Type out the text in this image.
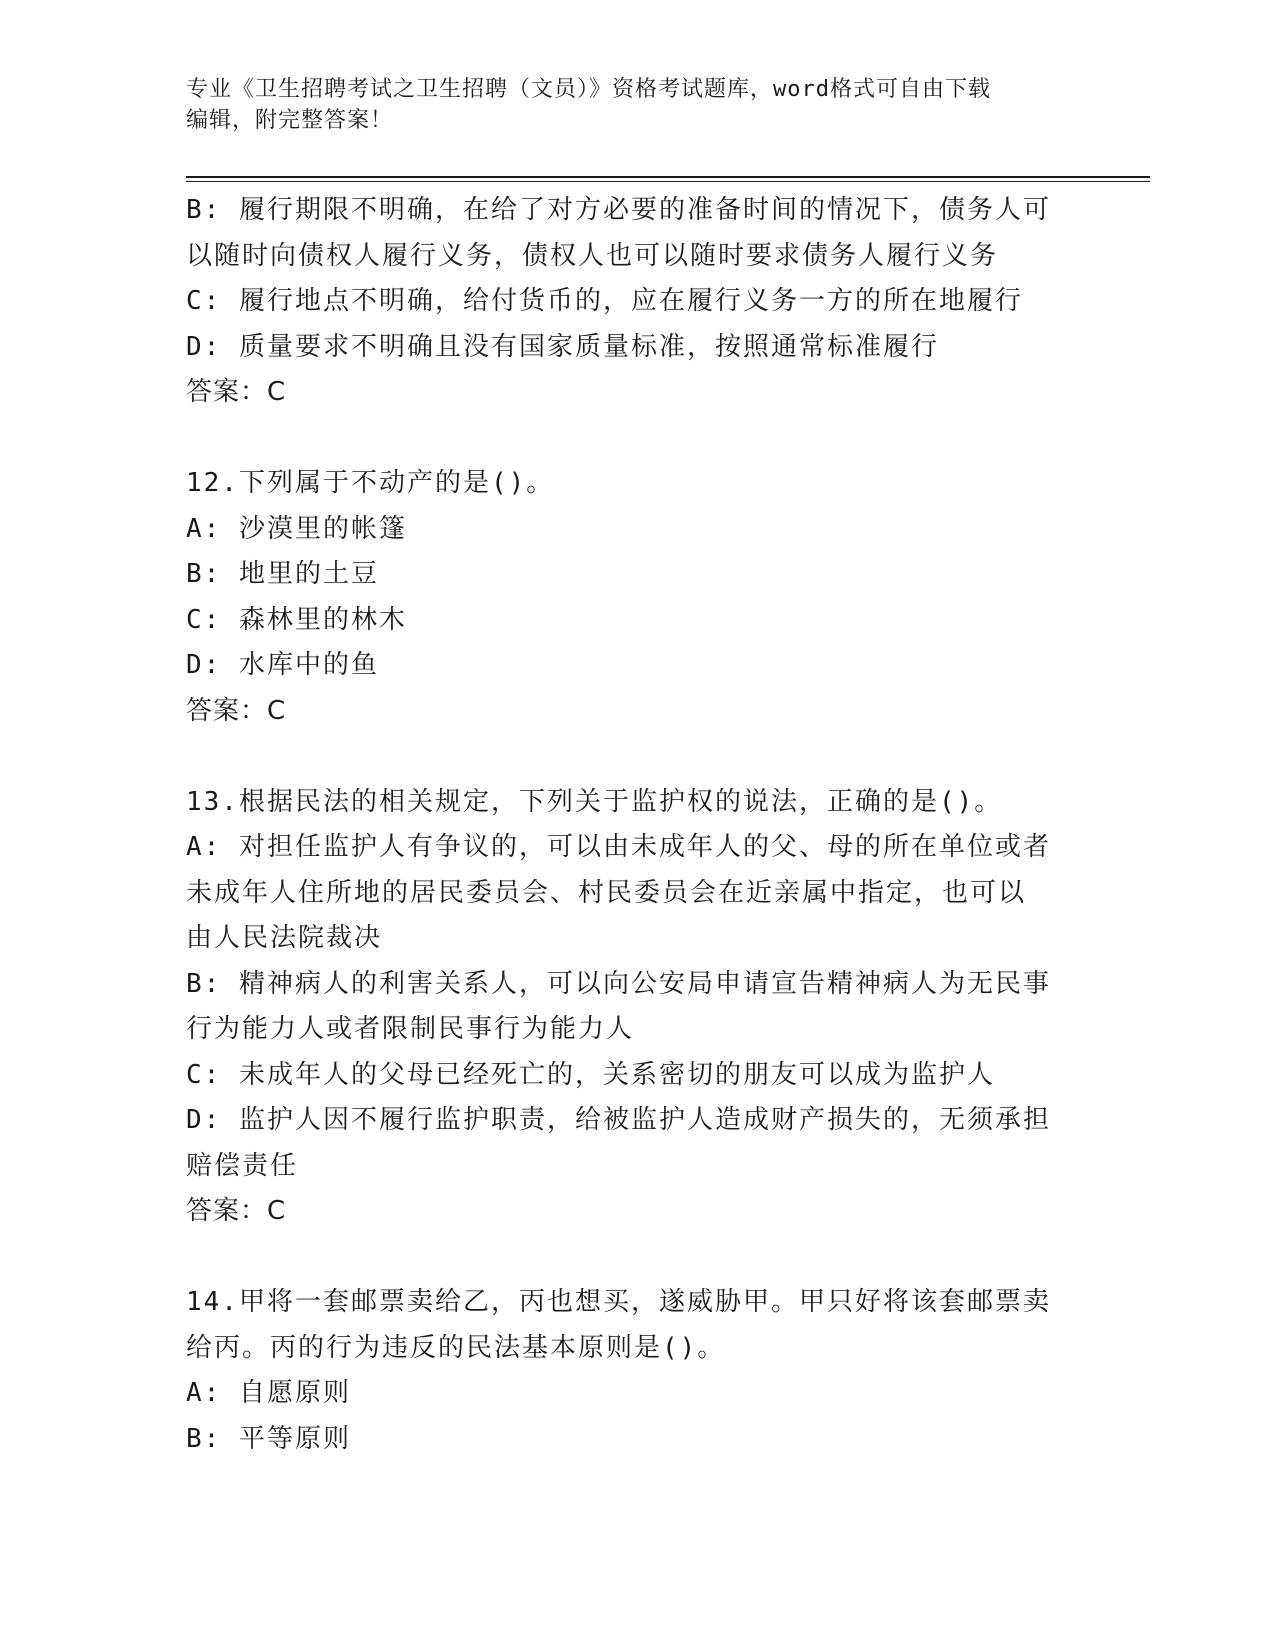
专业《卫生招聘考试之卫生招聘（文员）》资格考试题库，word格式可自由下载
编辑，附完整答案！
B: 履行期限不明确，在给了对方必要的准备时间的情况下，债务人可
以随时向债权人履行义务，债权人也可以随时要求债务人履行义务
C: 履行地点不明确，给付货币的，应在履行义务一方的所在地履行
D: 质量要求不明确且没有国家质量标准，按照通常标准履行
答案：C
12.下列属于不动产的是()。
A: 沙漠里的帐篷
B: 地里的土豆
C: 森林里的林木
D: 水库中的鱼
答案：C
13.根据民法的相关规定，下列关于监护权的说法，正确的是()。
A: 对担任监护人有争议的，可以由未成年人的父、母的所在单位或者
未成年人住所地的居民委员会、村民委员会在近亲属中指定，也可以
由人民法院裁决
B: 精神病人的利害关系人，可以向公安局申请宣告精神病人为无民事
行为能力人或者限制民事行为能力人
C: 未成年人的父母已经死亡的，关系密切的朋友可以成为监护人
D: 监护人因不履行监护职责，给被监护人造成财产损失的，无须承担
赔偿责任
答案：C
14.甲将一套邮票卖给乙，丙也想买，遂威胁甲。甲只好将该套邮票卖
给丙。丙的行为违反的民法基本原则是()。
A: 自愿原则
B: 平等原则
